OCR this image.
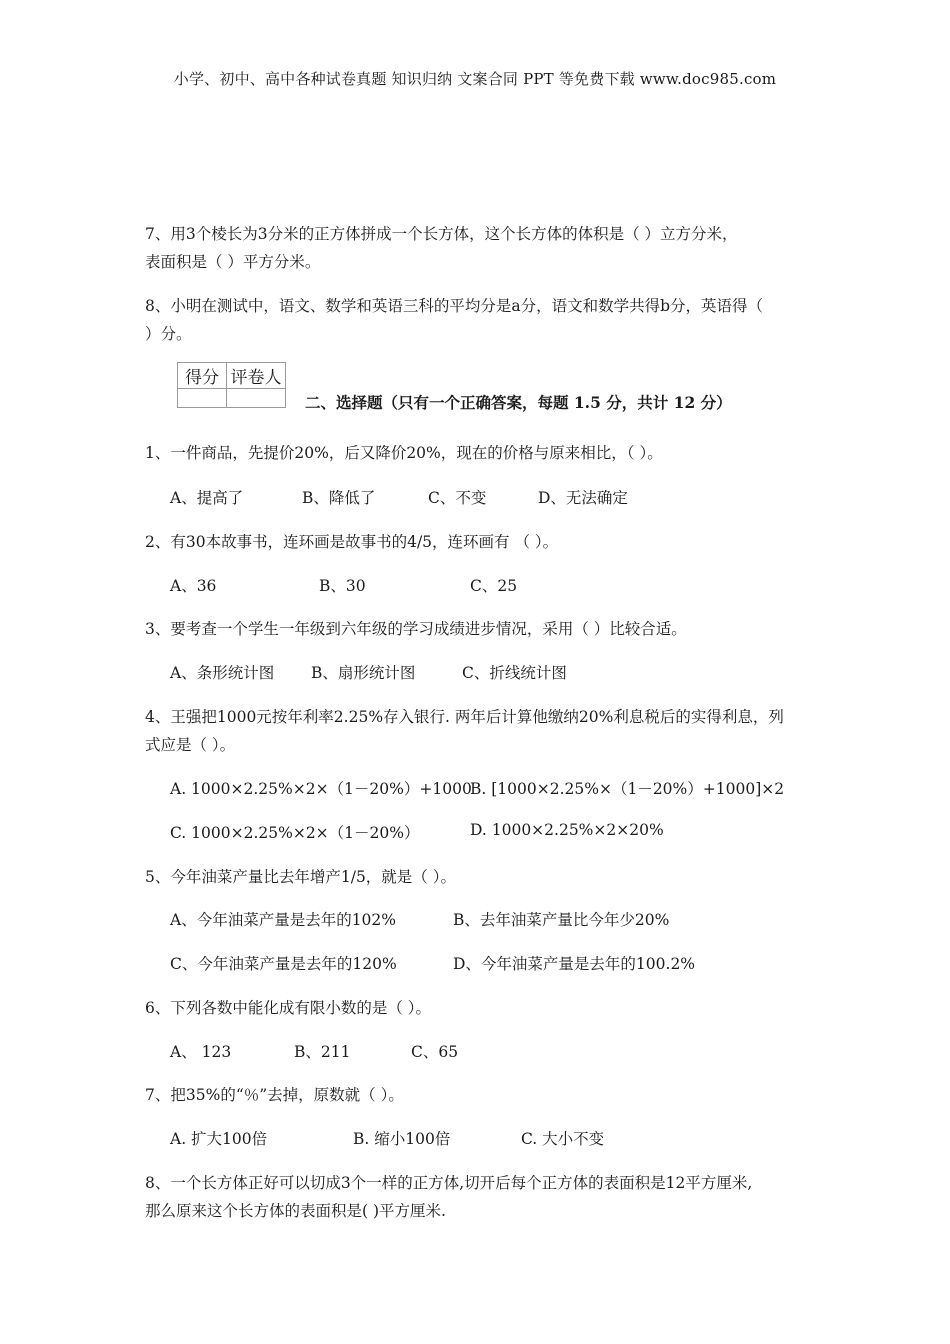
小学、初中、高中各种试卷真题 知识归纳 文案合同 PPT 等免费下载 www.doc985.com
7、用3个棱长为3分米的正方体拼成一个长方体，这个长方体的体积是（ ）立方分米，
表面积是（ ）平方分米。
8、小明在测试中，语文、数学和英语三科的平均分是a分，语文和数学共得b分，英语得（
）分。
得分	评卷人

二、选择题（只有一个正确答案，每题 1.5 分，共计 12 分）
1、一件商品，先提价20%，后又降价20%，现在的价格与原来相比，（ ）。
A、提高了	B、降低了	C、不变	D、无法确定
2、有30本故事书，连环画是故事书的4/5，连环画有 （ ）。
A、36	B、30	C、25
3、要考查一个学生一年级到六年级的学习成绩进步情况，采用（ ）比较合适。
A、条形统计图 B、扇形统计图	C、折线统计图
4、王强把1000元按年利率2.25%存入银行. 两年后计算他缴纳20%利息税后的实得利息，列
式应是（ ）。
A. 1000×2.25%×2×（1－20%）+1000
B. [1000×2.25%×（1－20%）+1000]×2
C. 1000×2.25%×2×（1－20%）	D. 1000×2.25%×2×20%
5、今年油菜产量比去年增产1/5，就是（ ）。
A、今年油菜产量是去年的102%	B、去年油菜产量比今年少20%
C、今年油菜产量是去年的120%	D、今年油菜产量是去年的100.2%
6、下列各数中能化成有限小数的是（ ）。
A、 123	B、211	C、65
7、把35%的“％”去掉，原数就（ ）。
A. 扩大100倍	B. 缩小100倍	C. 大小不变
8、一个长方体正好可以切成3个一样的正方体,切开后每个正方体的表面积是12平方厘米,
那么原来这个长方体的表面积是( )平方厘米.
